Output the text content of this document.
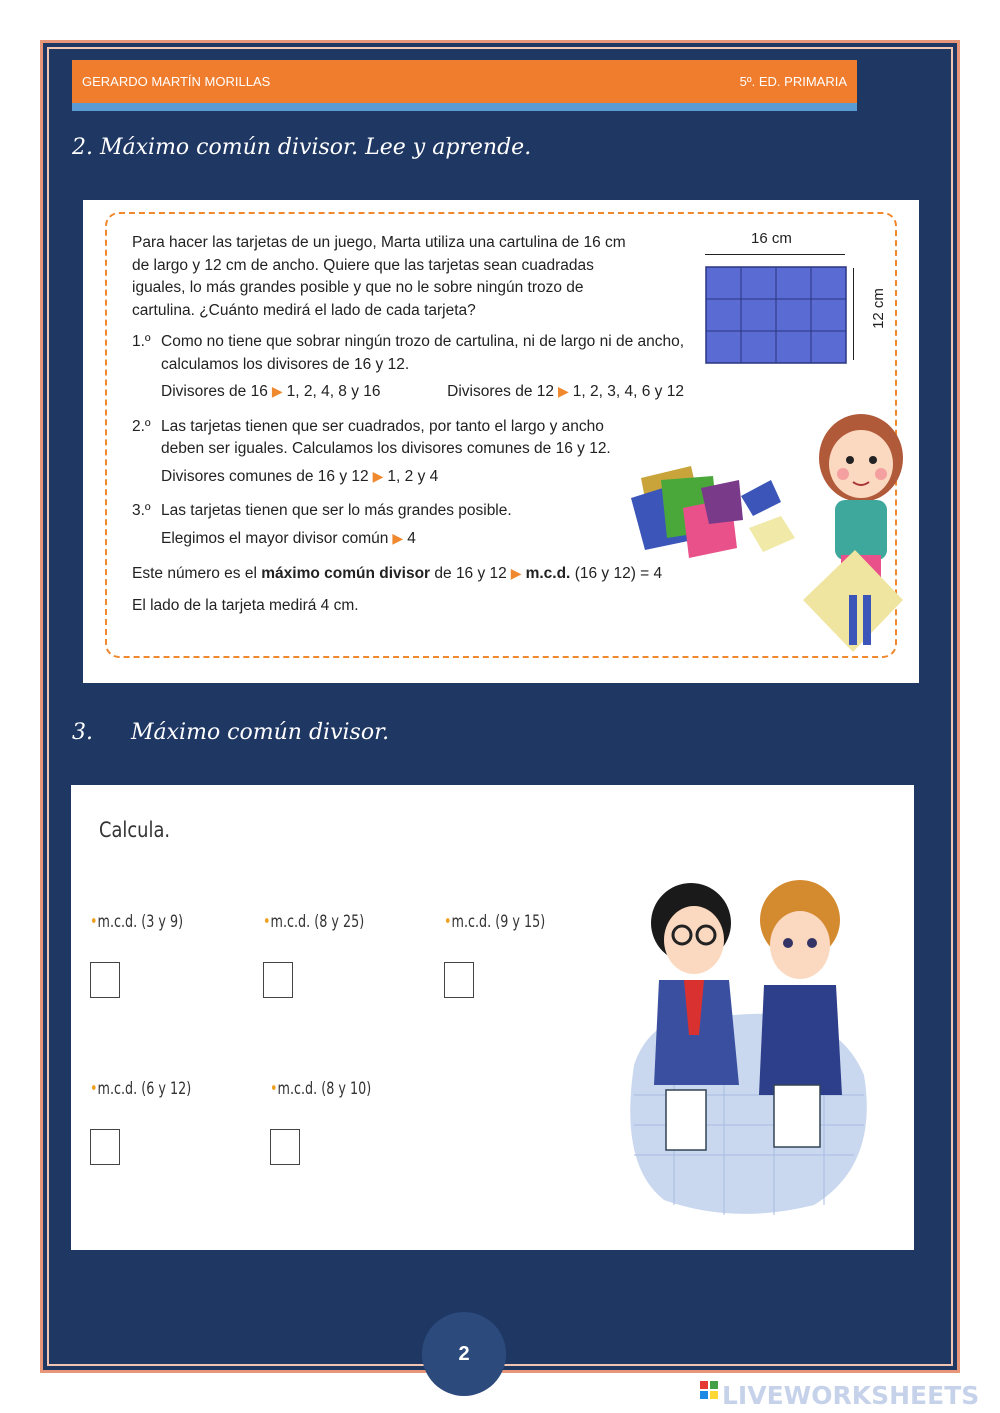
GERARDO MARTÍN MORILLAS	5º. ED. PRIMARIA
2. Máximo común divisor. Lee y aprende.

Para hacer las tarjetas de un juego, Marta utiliza una cartulina de 16 cm de largo y 12 cm de ancho. Quiere que las tarjetas sean cuadradas iguales, lo más grandes posible y que no le sobre ningún trozo de cartulina. ¿Cuánto medirá el lado de cada tarjeta?

1.º Como no tiene que sobrar ningún trozo de cartulina, ni de largo ni de ancho, calculamos los divisores de 16 y 12.

Divisores de 16 ▶ 1, 2, 4, 8 y 16	Divisores de 12 ▶ 1, 2, 3, 4, 6 y 12

2.º Las tarjetas tienen que ser cuadrados, por tanto el largo y ancho deben ser iguales. Calculamos los divisores comunes de 16 y 12.

Divisores comunes de 16 y 12 ▶ 1, 2 y 4

3.º Las tarjetas tienen que ser lo más grandes posible.

Elegimos el mayor divisor común ▶ 4

Este número es el máximo común divisor de 16 y 12 ▶ m.c.d. (16 y 12) = 4

El lado de la tarjeta medirá 4 cm.

16 cm
12 cm
3. Máximo común divisor.
Calcula.
•m.c.d. (3 y 9)	•m.c.d. (8 y 25)	•m.c.d. (9 y 15)
•m.c.d. (6 y 12)	•m.c.d. (8 y 10)
2
LIVEWORKSHEETS
